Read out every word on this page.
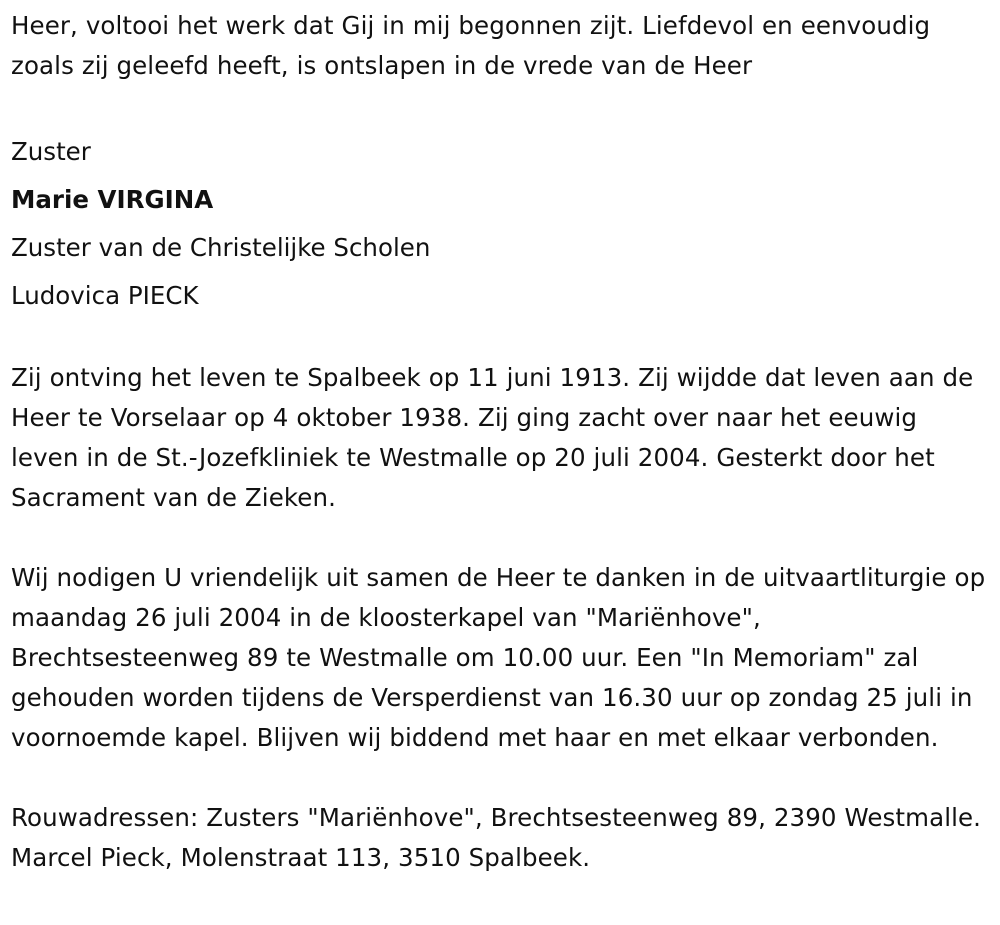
Heer, voltooi het werk dat Gij in mij begonnen zijt. Liefdevol en eenvoudig zoals zij geleefd heeft, is ontslapen in de vrede van de Heer

Zuster

Marie VIRGINA

Zuster van de Christelijke Scholen

Ludovica PIECK

Zij ontving het leven te Spalbeek op 11 juni 1913. Zij wijdde dat leven aan de Heer te Vorselaar op 4 oktober 1938. Zij ging zacht over naar het eeuwig leven in de St.-Jozefkliniek te Westmalle op 20 juli 2004. Gesterkt door het Sacrament van de Zieken.

Wij nodigen U vriendelijk uit samen de Heer te danken in de uitvaartliturgie op maandag 26 juli 2004 in de kloosterkapel van "Mariënhove", Brechtsesteenweg 89 te Westmalle om 10.00 uur. Een "In Memoriam" zal gehouden worden tijdens de Versperdienst van 16.30 uur op zondag 25 juli in voornoemde kapel. Blijven wij biddend met haar en met elkaar verbonden.

Rouwadressen: Zusters "Mariënhove", Brechtsesteenweg 89, 2390 Westmalle. Marcel Pieck, Molenstraat 113, 3510 Spalbeek.
